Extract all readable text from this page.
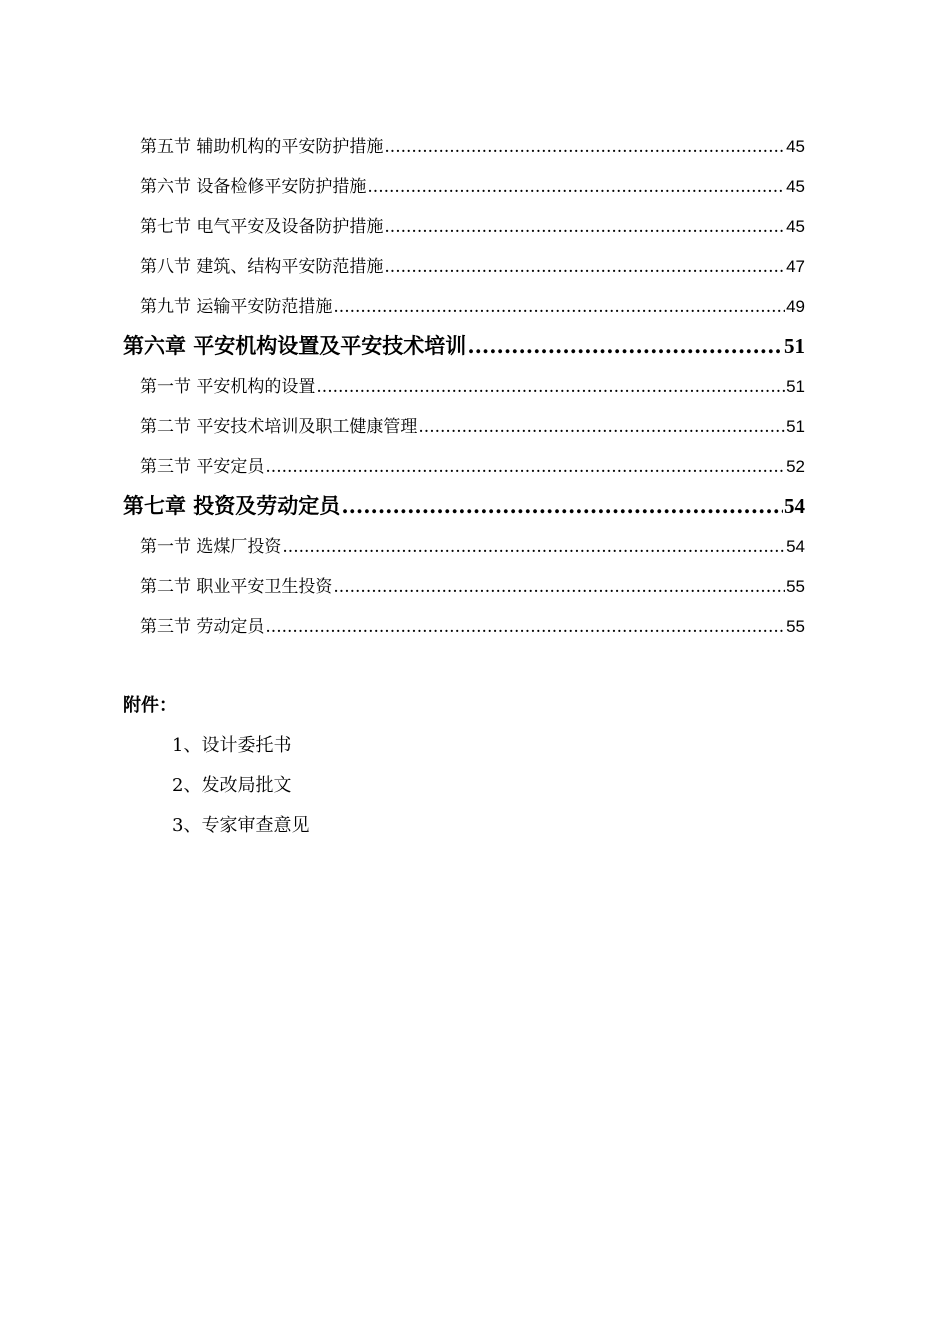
第五节 辅助机构的平安防护措施 .....	45
第六节 设备检修平安防护措施 .....	45
第七节 电气平安及设备防护措施 .....	45
第八节 建筑、结构平安防范措施 .....	47
第九节 运输平安防范措施 .....	49
第六章 平安机构设置及平安技术培训 .....	51
第一节 平安机构的设置 .....	51
第二节 平安技术培训及职工健康管理 .....	51
第三节 平安定员 .....	52
第七章 投资及劳动定员 .....	54
第一节 选煤厂投资 .....	54
第二节 职业平安卫生投资 .....	55
第三节 劳动定员 .....	55
附件：
1、设计委托书
2、发改局批文
3、专家审查意见
